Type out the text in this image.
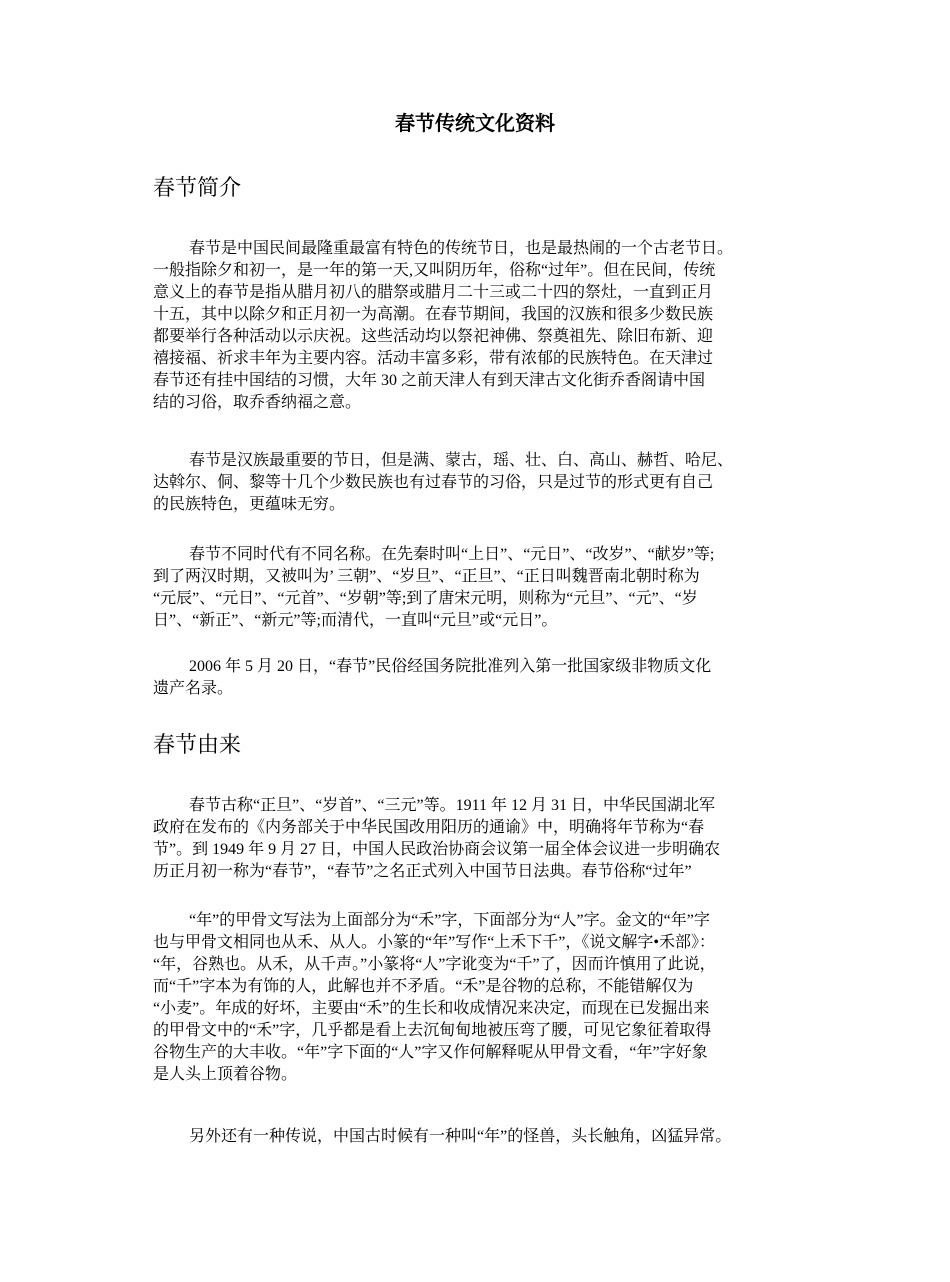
春节传统文化资料
春节简介

春节是中国民间最隆重最富有特色的传统节日，也是最热闹的一个古老节日。
一般指除夕和初一，是一年的第一天,又叫阴历年，俗称“过年”。但在民间，传统
意义上的春节是指从腊月初八的腊祭或腊月二十三或二十四的祭灶，一直到正月
十五，其中以除夕和正月初一为高潮。在春节期间，我国的汉族和很多少数民族
都要举行各种活动以示庆祝。这些活动均以祭祀神佛、祭奠祖先、除旧布新、迎
禧接福、祈求丰年为主要内容。活动丰富多彩，带有浓郁的民族特色。在天津过
春节还有挂中国结的习惯，大年 30 之前天津人有到天津古文化街乔香阁请中国
结的习俗，取乔香纳福之意。

春节是汉族最重要的节日，但是满、蒙古，瑶、壮、白、高山、赫哲、哈尼、
达斡尔、侗、黎等十几个少数民族也有过春节的习俗，只是过节的形式更有自己
的民族特色，更蕴味无穷。

春节不同时代有不同名称。在先秦时叫“上日”、“元日”、“改岁”、“献岁”等;
到了两汉时期，又被叫为’ 三朝”、“岁旦”、“正旦”、“正日叫魏晋南北朝时称为
“元辰”、“元日”、“元首”、“岁朝”等;到了唐宋元明，则称为“元旦”、“元”、“岁
日”、“新正”、“新元”等;而清代，一直叫“元旦”或“元日”。

2006 年 5 月 20 日，“春节”民俗经国务院批准列入第一批国家级非物质文化
遗产名录。

春节由来

春节古称“正旦”、“岁首”、“三元”等。1911 年 12 月 31 日，中华民国湖北军
政府在发布的《内务部关于中华民国改用阳历的通谕》中，明确将年节称为“春
节”。到 1949 年 9 月 27 日，中国人民政治协商会议第一届全体会议进一步明确农
历正月初一称为“春节”，“春节”之名正式列入中国节日法典。春节俗称“过年”

“年”的甲骨文写法为上面部分为“禾”字，下面部分为“人”字。金文的“年”字
也与甲骨文相同也从禾、从人。小篆的“年”写作“上禾下千”，《说文解字•禾部》：
“年，谷熟也。从禾，从千声。”小篆将“人”字讹变为“千”了，因而许慎用了此说，
而“千”字本为有饰的人，此解也并不矛盾。“禾”是谷物的总称，不能错解仅为
“小麦”。年成的好坏，主要由“禾”的生长和收成情况来决定，而现在已发掘出来
的甲骨文中的“禾”字，几乎都是看上去沉甸甸地被压弯了腰，可见它象征着取得
谷物生产的大丰收。“年”字下面的“人”字又作何解释呢从甲骨文看，“年”字好象
是人头上顶着谷物。

另外还有一种传说，中国古时候有一种叫“年”的怪兽，头长触角，凶猛异常。
